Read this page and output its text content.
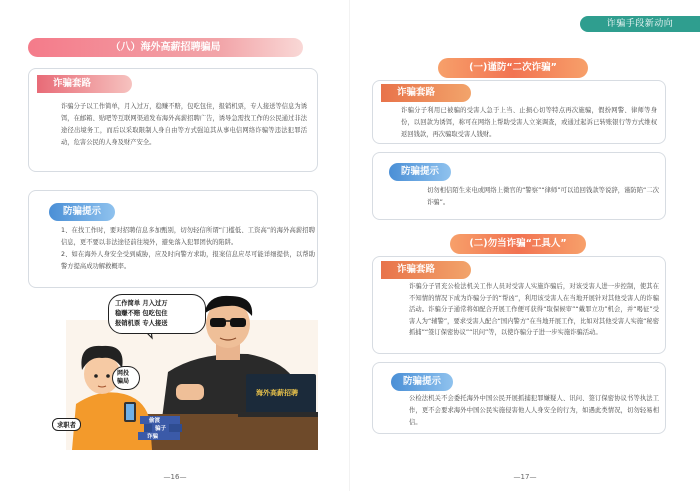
（八）海外高薪招聘骗局
诈骗套路
诈骗分子以工作简单，月入过万，稳赚不赔，包吃包住，报销机票，专人接送等信息为诱饵，在邮箱、贴吧等互联网渠道发布海外高薪招聘广告，诱导急需找工作的公民通过非法途径出境务工，而后以采取限制人身自由等方式强迫其从事电信网络诈骗等违法犯罪活动，危害公民的人身及财产安全。
防骗提示
1、在找工作时，要对招聘信息多加甄别，切勿轻信所谓“门槛低、工资高”的海外高薪招聘信息，更不要以非法途径前往境外，避免落入犯罪团伙的陷阱。
2、如在海外人身安全受到威胁，应及时向警方求助，报案信息应尽可能详细提供，以帮助警方提高成功解救概率。
工作简单 月入过万
稳赚不赔 包吃包住
报销机票 专人接送
海外高薪招聘
网投
骗局
求职者
偷渡
骗子
诈骗
—16—
诈骗手段新动向
(一)谨防“二次诈骗”
诈骗套路
诈骗分子利用已被骗的受害人急于上当、止损心切等特点再次施骗，假扮网警、律师等身份，以回款为诱饵，称可在网络上帮助受害人立案调查，或通过起诉已转账银行等方式维权返回钱款，再次骗取受害人钱财。
防骗提示
切勿相信陌生来电或网络上微官的“警察”“律师”可以追回钱款等说辞，谨防陷“二次诈骗”。
(二)勿当诈骗“工具人”
诈骗套路
诈骗分子冒充公检法机关工作人员对受害人实施诈骗后，对该受害人进一步控制，使其在不知情的情况下成为诈骗分子的“帮凶”，利用该受害人在当地开展针对其他受害人的诈骗活动。诈骗分子通常将如配合开展工作便可获得“取保候审”“戴罪立功”机会，并“喝征”受害人为“辅警”，要求受害人配合“国内警方”在当地开展工作，比如对其他受害人实施“秘密抓捕”“签订保密协议”“讯问”等，以使诈骗分子进一步实施诈骗活动。
防骗提示
公检法机关不会委托海外中国公民开展抓捕犯罪嫌疑人、讯问、签订保密协议书等执法工作，更不会要求海外中国公民实施侵害他人人身安全的行为，如遇此类情况，切勿轻易相信。
—17—
